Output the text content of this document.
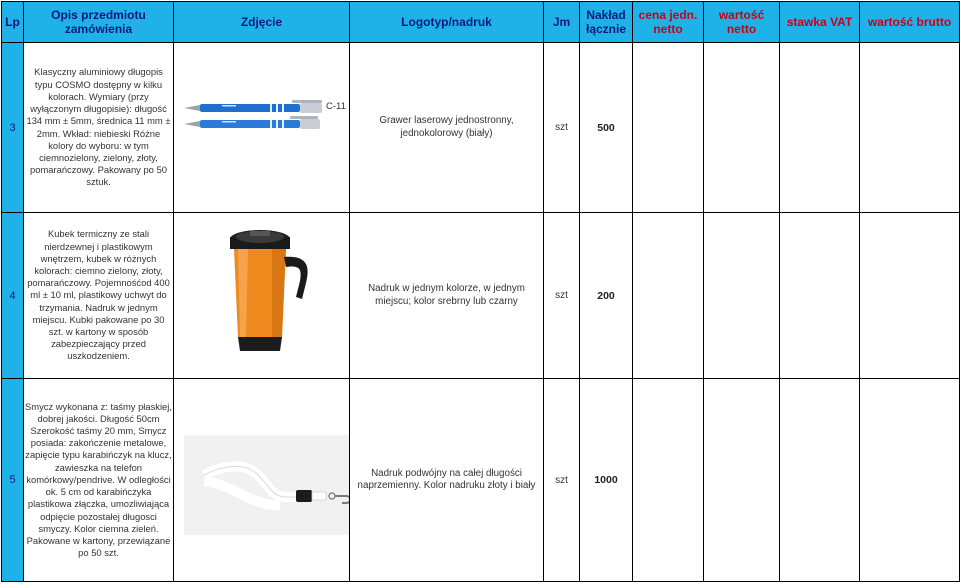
Lp	Opis przedmiotu zamówienia	Zdjęcie	Logotyp/nadruk	Jm	Nakład łącznie	cena jedn. netto	wartość netto	stawka VAT	wartość brutto
3	Klasyczny aluminiowy długopis typu COSMO dostępny w kilku kolorach. Wymiary (przy wyłączonym długopisie): długość 134 mm ± 5mm, średnica 11 mm ± 2mm. Wkład: niebieski Różne kolory do wyboru: w tym ciemnozielony, zielony, złoty, pomarańczowy. Pakowany po 50 sztuk.	C-11	Grawer laserowy jednostronny, jednokolorowy (biały)	szt	500				
4	Kubek termiczny ze stali nierdzewnej i plastikowym wnętrzem, kubek w różnych kolorach: ciemno zielony, złoty, pomarańczowy. Pojemnośćod 400 ml ± 10 ml, plastikowy uchwyt do trzymania. Nadruk w jednym miejscu. Kubki pakowane po 30 szt. w kartony w sposób zabezpieczający przed uszkodzeniem.		Nadruk w jednym kolorze, w jednym miejscu; kolor srebrny lub czarny	szt	200				
5	Smycz wykonana z: taśmy płaskiej, dobrej jakości. Długość 50cm Szerokość taśmy 20 mm, Smycz posiada: zakończenie metalowe, zapięcie typu karabińczyk na klucz, zawieszka na telefon komórkowy/pendrive. W odległości ok. 5 cm od karabińczyka plastikowa złączka, umozliwiająca odpięcie pozostałej długosci smyczy. Kolor ciemna zieleń. Pakowane w kartony, przewiązane po 50 szt.		Nadruk podwójny na całej długości naprzemienny. Kolor nadruku złoty i biały	szt	1000				
